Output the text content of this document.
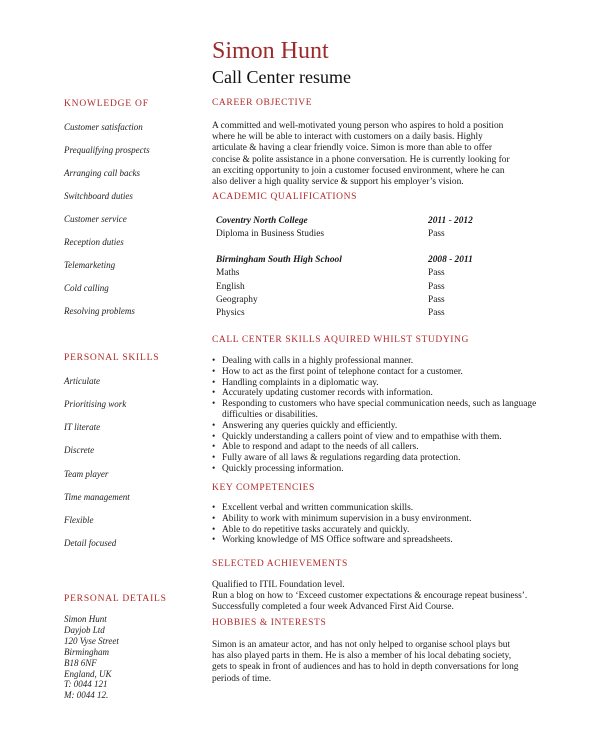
Simon Hunt
Call Center resume
KNOWLEDGE OF
Customer satisfaction
Prequalifying prospects
Arranging call backs
Switchboard duties
Customer service
Reception duties
Telemarketing
Cold calling
Resolving problems
PERSONAL SKILLS
Articulate
Prioritising work
IT literate
Discrete
Team player
Time management
Flexible
Detail focused
PERSONAL DETAILS
Simon Hunt
Dayjob Ltd
120 Vyse Street
Birmingham
B18 6NF
England, UK
T: 0044 121
M: 0044 12.
CAREER OBJECTIVE
A committed and well-motivated young person who aspires to hold a position
where he will be able to interact with customers on a daily basis. Highly
articulate & having a clear friendly voice. Simon is more than able to offer
concise & polite assistance in a phone conversation. He is currently looking for
an exciting opportunity to join a customer focused environment, where he can
also deliver a high quality service & support his employer’s vision.
ACADEMIC QUALIFICATIONS
Coventry North College	2011 - 2012
Diploma in Business Studies	Pass
Birmingham South High School	2008 - 2011
Maths	Pass
English	Pass
Geography	Pass
Physics	Pass
CALL CENTER SKILLS AQUIRED WHILST STUDYING
• Dealing with calls in a highly professional manner.
• How to act as the first point of telephone contact for a customer.
• Handling complaints in a diplomatic way.
• Accurately updating customer records with information.
• Responding to customers who have special communication needs, such as language difficulties or disabilities.
• Answering any queries quickly and efficiently.
• Quickly understanding a callers point of view and to empathise with them.
• Able to respond and adapt to the needs of all callers.
• Fully aware of all laws & regulations regarding data protection.
• Quickly processing information.
KEY COMPETENCIES
• Excellent verbal and written communication skills.
• Ability to work with minimum supervision in a busy environment.
• Able to do repetitive tasks accurately and quickly.
• Working knowledge of MS Office software and spreadsheets.
SELECTED ACHIEVEMENTS
Qualified to ITIL Foundation level.
Run a blog on how to ‘Exceed customer expectations & encourage repeat business’.
Successfully completed a four week Advanced First Aid Course.
HOBBIES & INTERESTS
Simon is an amateur actor, and has not only helped to organise school plays but
has also played parts in them. He is also a member of his local debating society,
gets to speak in front of audiences and has to hold in depth conversations for long
periods of time.
